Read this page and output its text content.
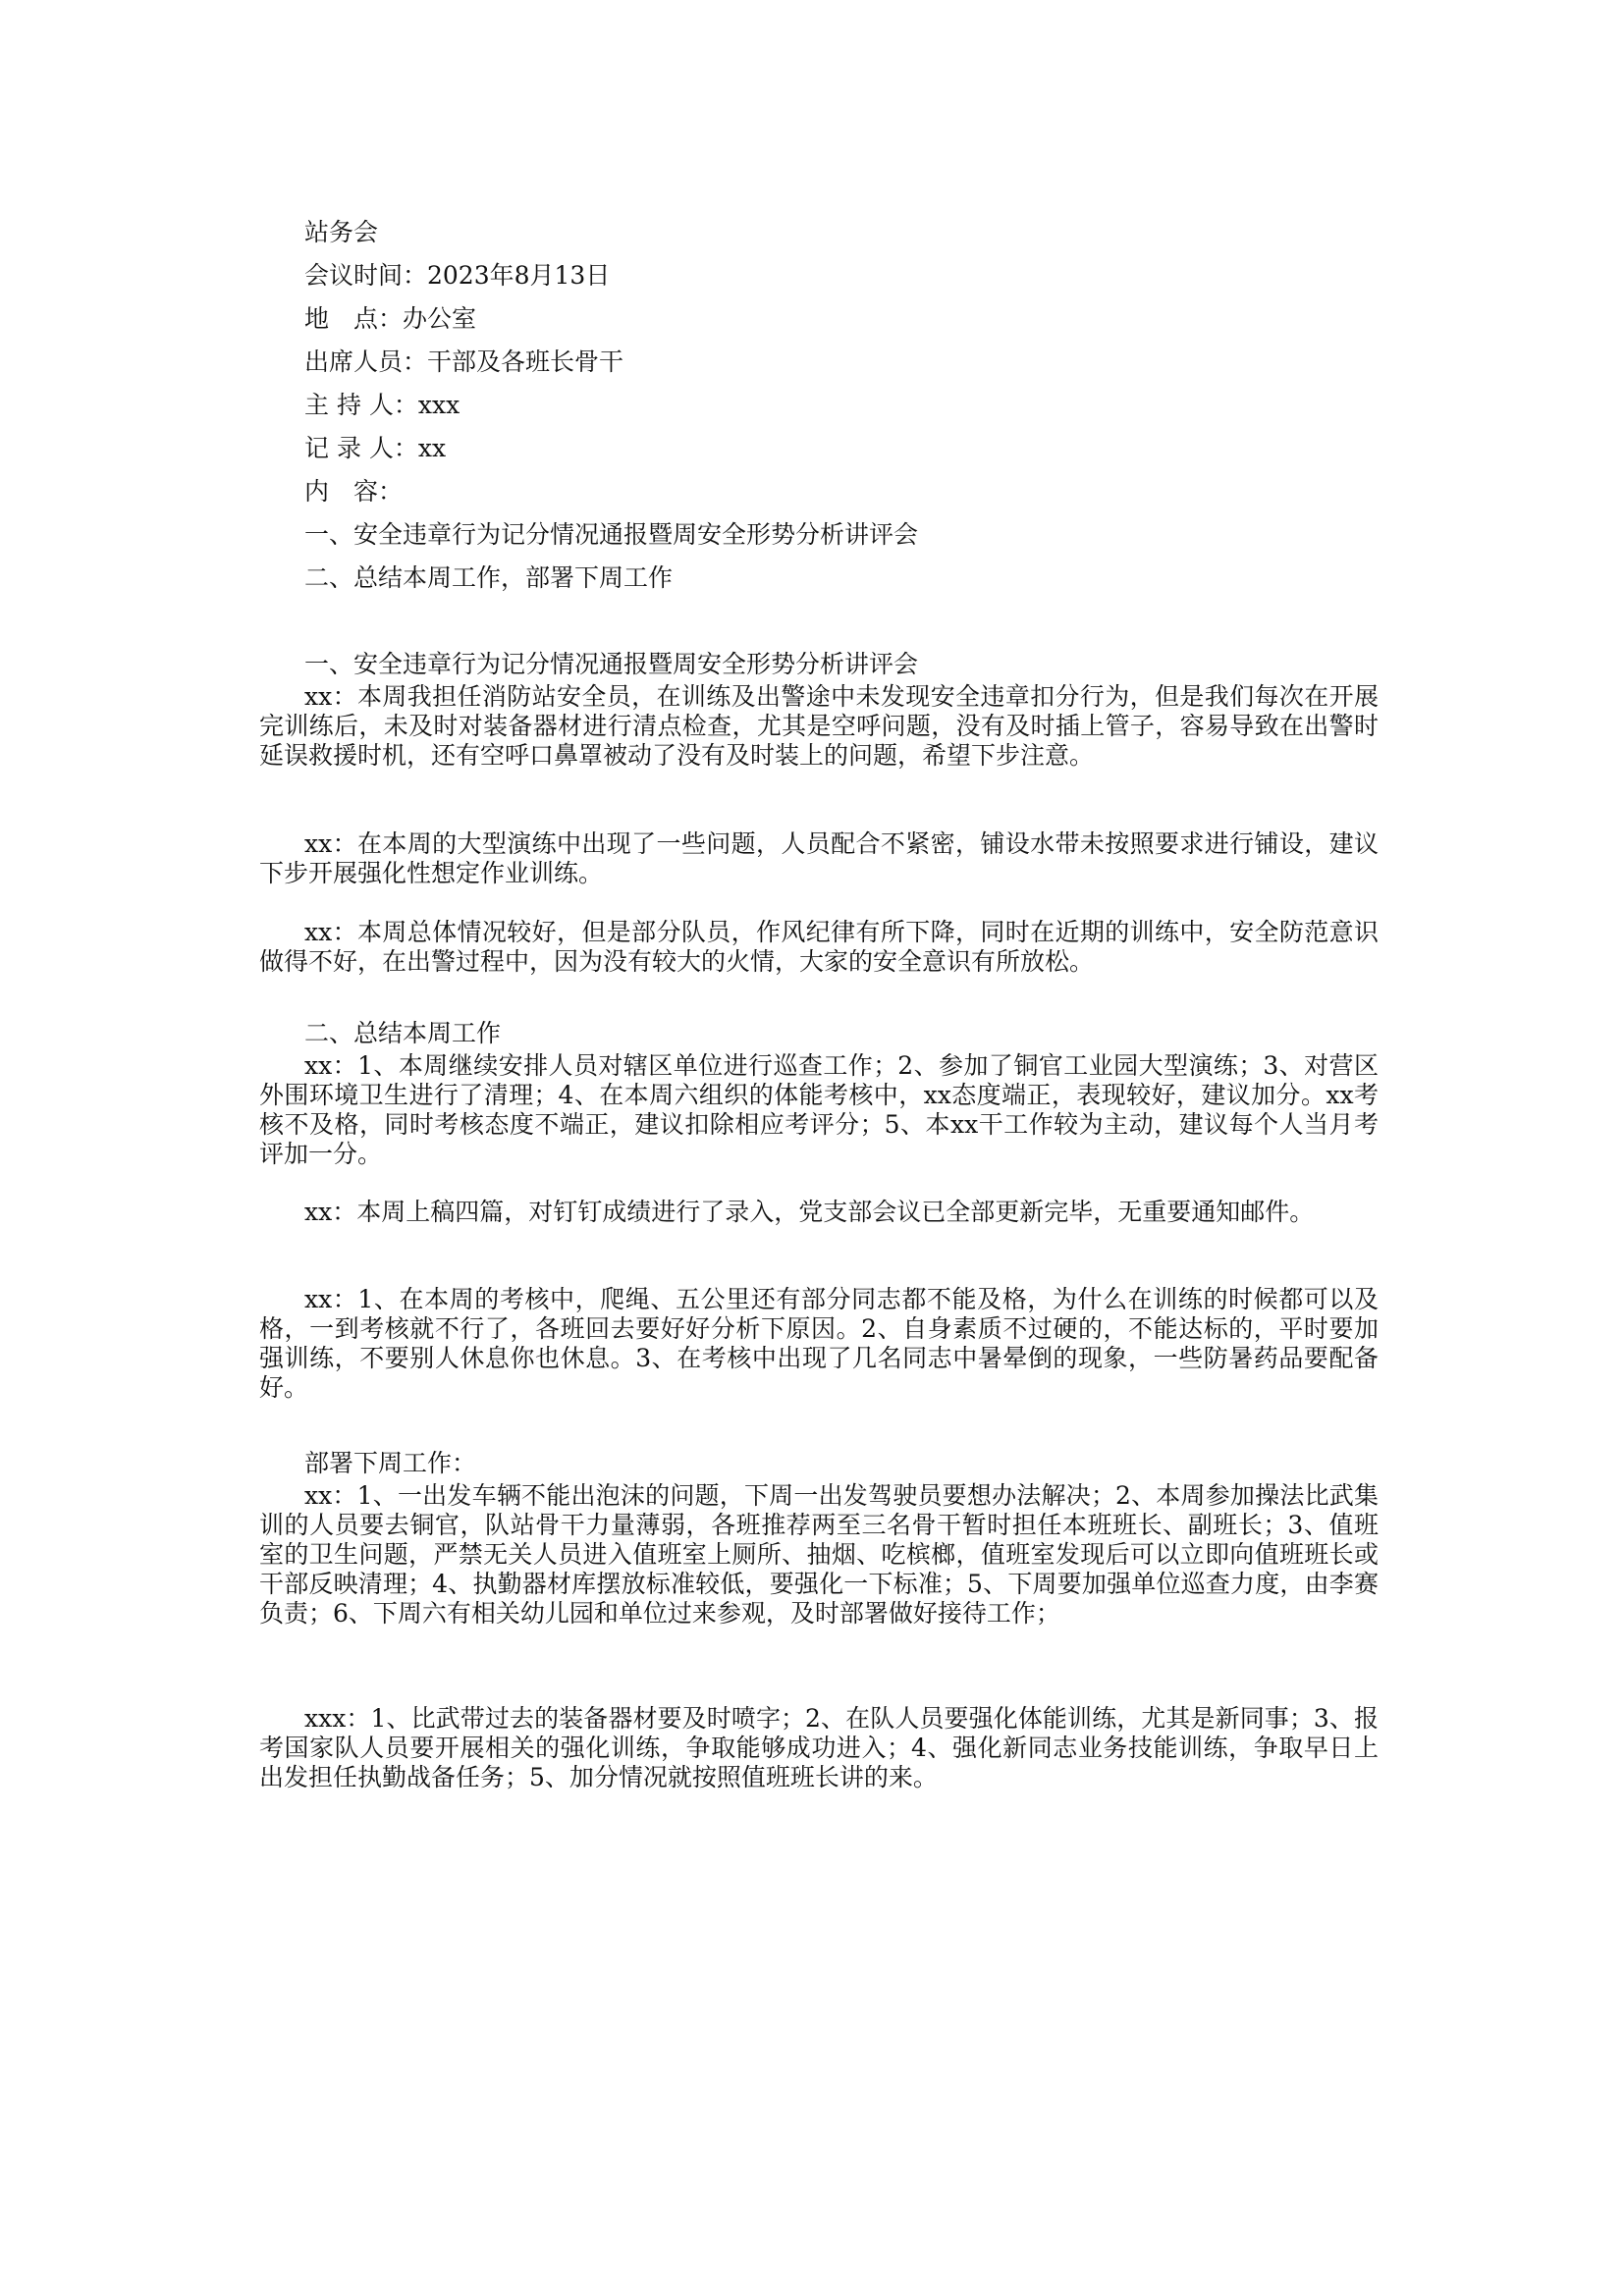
站务会
会议时间：2023年8月13日
地　点：办公室
出席人员：干部及各班长骨干
主 持 人：xxx
记 录 人：xx
内　容：
一、安全违章行为记分情况通报暨周安全形势分析讲评会
二、总结本周工作，部署下周工作
一、安全违章行为记分情况通报暨周安全形势分析讲评会

xx：本周我担任消防站安全员，在训练及出警途中未发现安全违章扣分行为，但是我们每次在开展完训练后，未及时对装备器材进行清点检查，尤其是空呼问题，没有及时插上管子，容易导致在出警时延误救援时机，还有空呼口鼻罩被动了没有及时装上的问题，希望下步注意。

xx：在本周的大型演练中出现了一些问题，人员配合不紧密，铺设水带未按照要求进行铺设，建议下步开展强化性想定作业训练。

xx：本周总体情况较好，但是部分队员，作风纪律有所下降，同时在近期的训练中，安全防范意识做得不好，在出警过程中，因为没有较大的火情，大家的安全意识有所放松。

二、总结本周工作

xx：1、本周继续安排人员对辖区单位进行巡查工作；2、参加了铜官工业园大型演练；3、对营区外围环境卫生进行了清理；4、在本周六组织的体能考核中，xx态度端正，表现较好，建议加分。xx考核不及格，同时考核态度不端正，建议扣除相应考评分；5、本xx干工作较为主动，建议每个人当月考评加一分。

xx：本周上稿四篇，对钉钉成绩进行了录入，党支部会议已全部更新完毕，无重要通知邮件。

xx：1、在本周的考核中，爬绳、五公里还有部分同志都不能及格，为什么在训练的时候都可以及格，一到考核就不行了，各班回去要好好分析下原因。2、自身素质不过硬的，不能达标的，平时要加强训练，不要别人休息你也休息。3、在考核中出现了几名同志中暑晕倒的现象，一些防暑药品要配备好。

部署下周工作：

xx：1、一出发车辆不能出泡沫的问题，下周一出发驾驶员要想办法解决；2、本周参加操法比武集训的人员要去铜官，队站骨干力量薄弱，各班推荐两至三名骨干暂时担任本班班长、副班长；3、值班室的卫生问题，严禁无关人员进入值班室上厕所、抽烟、吃槟榔，值班室发现后可以立即向值班班长或干部反映清理；4、执勤器材库摆放标准较低，要强化一下标准；5、下周要加强单位巡查力度，由李赛负责；6、下周六有相关幼儿园和单位过来参观，及时部署做好接待工作；

xxx：1、比武带过去的装备器材要及时喷字；2、在队人员要强化体能训练，尤其是新同事；3、报考国家队人员要开展相关的强化训练，争取能够成功进入；4、强化新同志业务技能训练，争取早日上出发担任执勤战备任务；5、加分情况就按照值班班长讲的来。
